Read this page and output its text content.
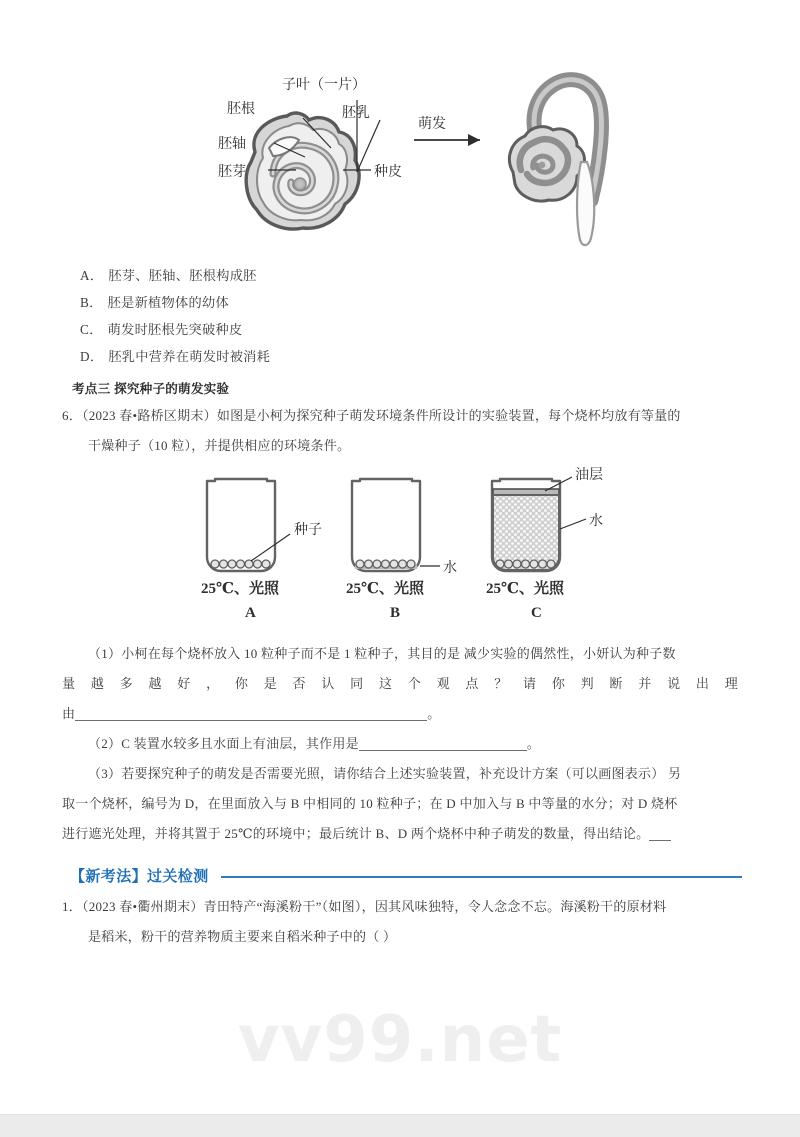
子叶（一片）
胚根	胚乳
胚轴
胚芽	种皮
萌发
A． 胚芽、胚轴、胚根构成胚
B． 胚是新植物体的幼体
C． 萌发时胚根先突破种皮
D． 胚乳中营养在萌发时被消耗
考点三 探究种子的萌发实验
6．（2023 春•路桥区期末）如图是小柯为探究种子萌发环境条件所设计的实验装置，每个烧杯均放有等量的
干燥种子（10 粒），并提供相应的环境条件。
种子
25℃、光照
A
水
25℃、光照
B
油层
水
25℃、光照
C
（1）小柯在每个烧杯放入 10 粒种子而不是 1 粒种子，其目的是 减少实验的偶然性，小妍认为种子数
量越多越好，你是否认同这个观点？请你判断并说出理
由	。
（2）C 装置水较多且水面上有油层，其作用是	。
（3）若要探究种子的萌发是否需要光照，请你结合上述实验装置，补充设计方案（可以画图表示） 另
取一个烧杯，编号为 D，在里面放入与 B 中相同的 10 粒种子；在 D 中加入与 B 中等量的水分；对 D 烧杯
进行遮光处理，并将其置于 25℃的环境中；最后统计 B、D 两个烧杯中种子萌发的数量，得出结论。
【新考法】过关检测
1．（2023 春•衢州期末）青田特产“海溪粉干”（如图），因其风味独特，令人念念不忘。海溪粉干的原材料
是稻米，粉干的营养物质主要来自稻米种子中的（ ）
vv99.net
